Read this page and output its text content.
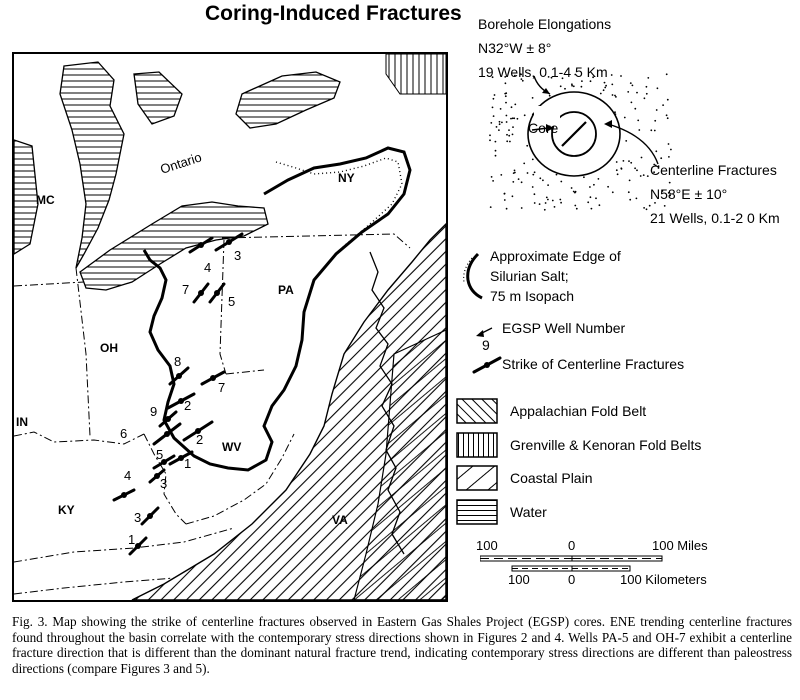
Coring-Induced Fractures
MC
Ontario
NY
PA
OH
IN
WV
KY
VA
3
4
7
5
8
7
2
9
6	2
5
1
4
3
3
1
Borehole Elongations
N32°W ± 8°
19 Wells, 0 1-4 5 Km
Core
Centerline Fractures
N58°E ± 10°
21 Wells, 0.1-2 0 Km
Approximate Edge of
Silurian Salt;
75 m Isopach
EGSP Well Number
9
Strike of Centerline Fractures
Appalachian Fold Belt
Grenville & Kenoran Fold Belts
Coastal Plain
Water
100	0	100 Miles
100	0	100 Kilometers
Fig. 3. Map showing the strike of centerline fractures observed in Eastern Gas Shales Project (EGSP) cores. ENE trending centerline fractures found throughout the basin correlate with the contemporary stress directions shown in Figures 2 and 4. Wells PA-5 and OH-7 exhibit a centerline fracture direction that is different than the dominant natural fracture trend, indicating contemporary stress directions are different than paleostress directions (compare Figures 3 and 5).
